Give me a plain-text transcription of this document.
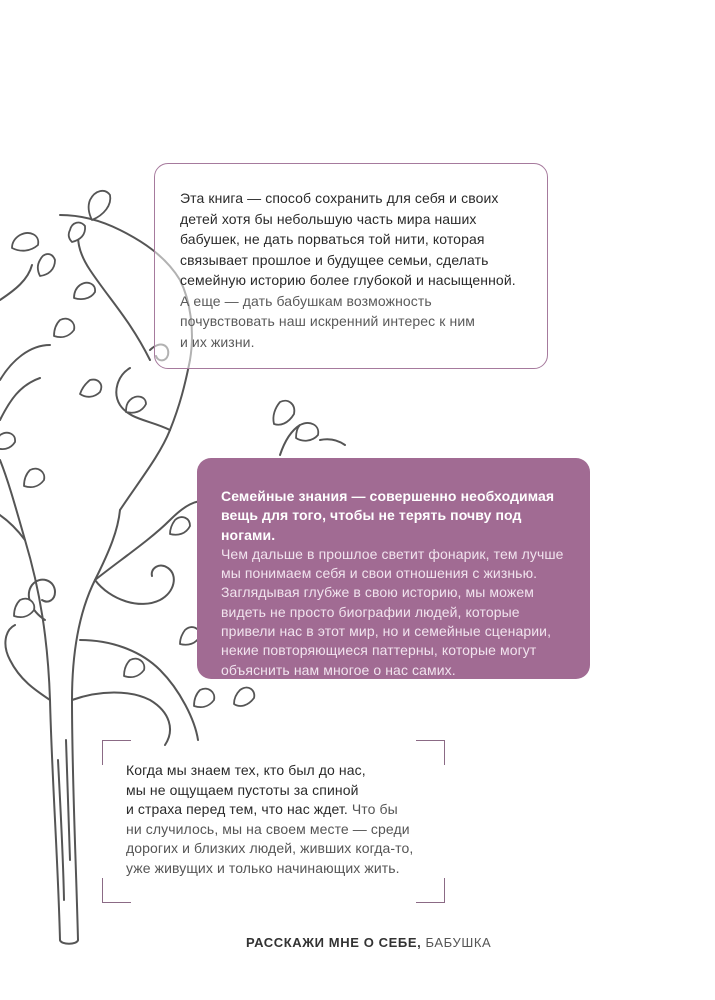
Эта книга — способ сохранить для себя и своих
детей хотя бы небольшую часть мира наших
бабушек, не дать порваться той нити, которая
связывает прошлое и будущее семьи, сделать
семейную историю более глубокой и насыщенной.
А еще — дать бабушкам возможность
почувствовать наш искренний интерес к ним
и их жизни.
Семейные знания — совершенно необходимая
вещь для того, чтобы не терять почву под ногами.
Чем дальше в прошлое светит фонарик, тем лучше
мы понимаем себя и свои отношения с жизнью.
Заглядывая глубже в свою историю, мы можем
видеть не просто биографии людей, которые
привели нас в этот мир, но и семейные сценарии,
некие повторяющиеся паттерны, которые могут
объяснить нам многое о нас самих.
Когда мы знаем тех, кто был до нас,
мы не ощущаем пустоты за спиной
и страха перед тем, что нас ждет. Что бы
ни случилось, мы на своем месте — среди
дорогих и близких людей, живших когда-то,
уже живущих и только начинающих жить.
РАССКАЖИ МНЕ О СЕБЕ, БАБУШКА
